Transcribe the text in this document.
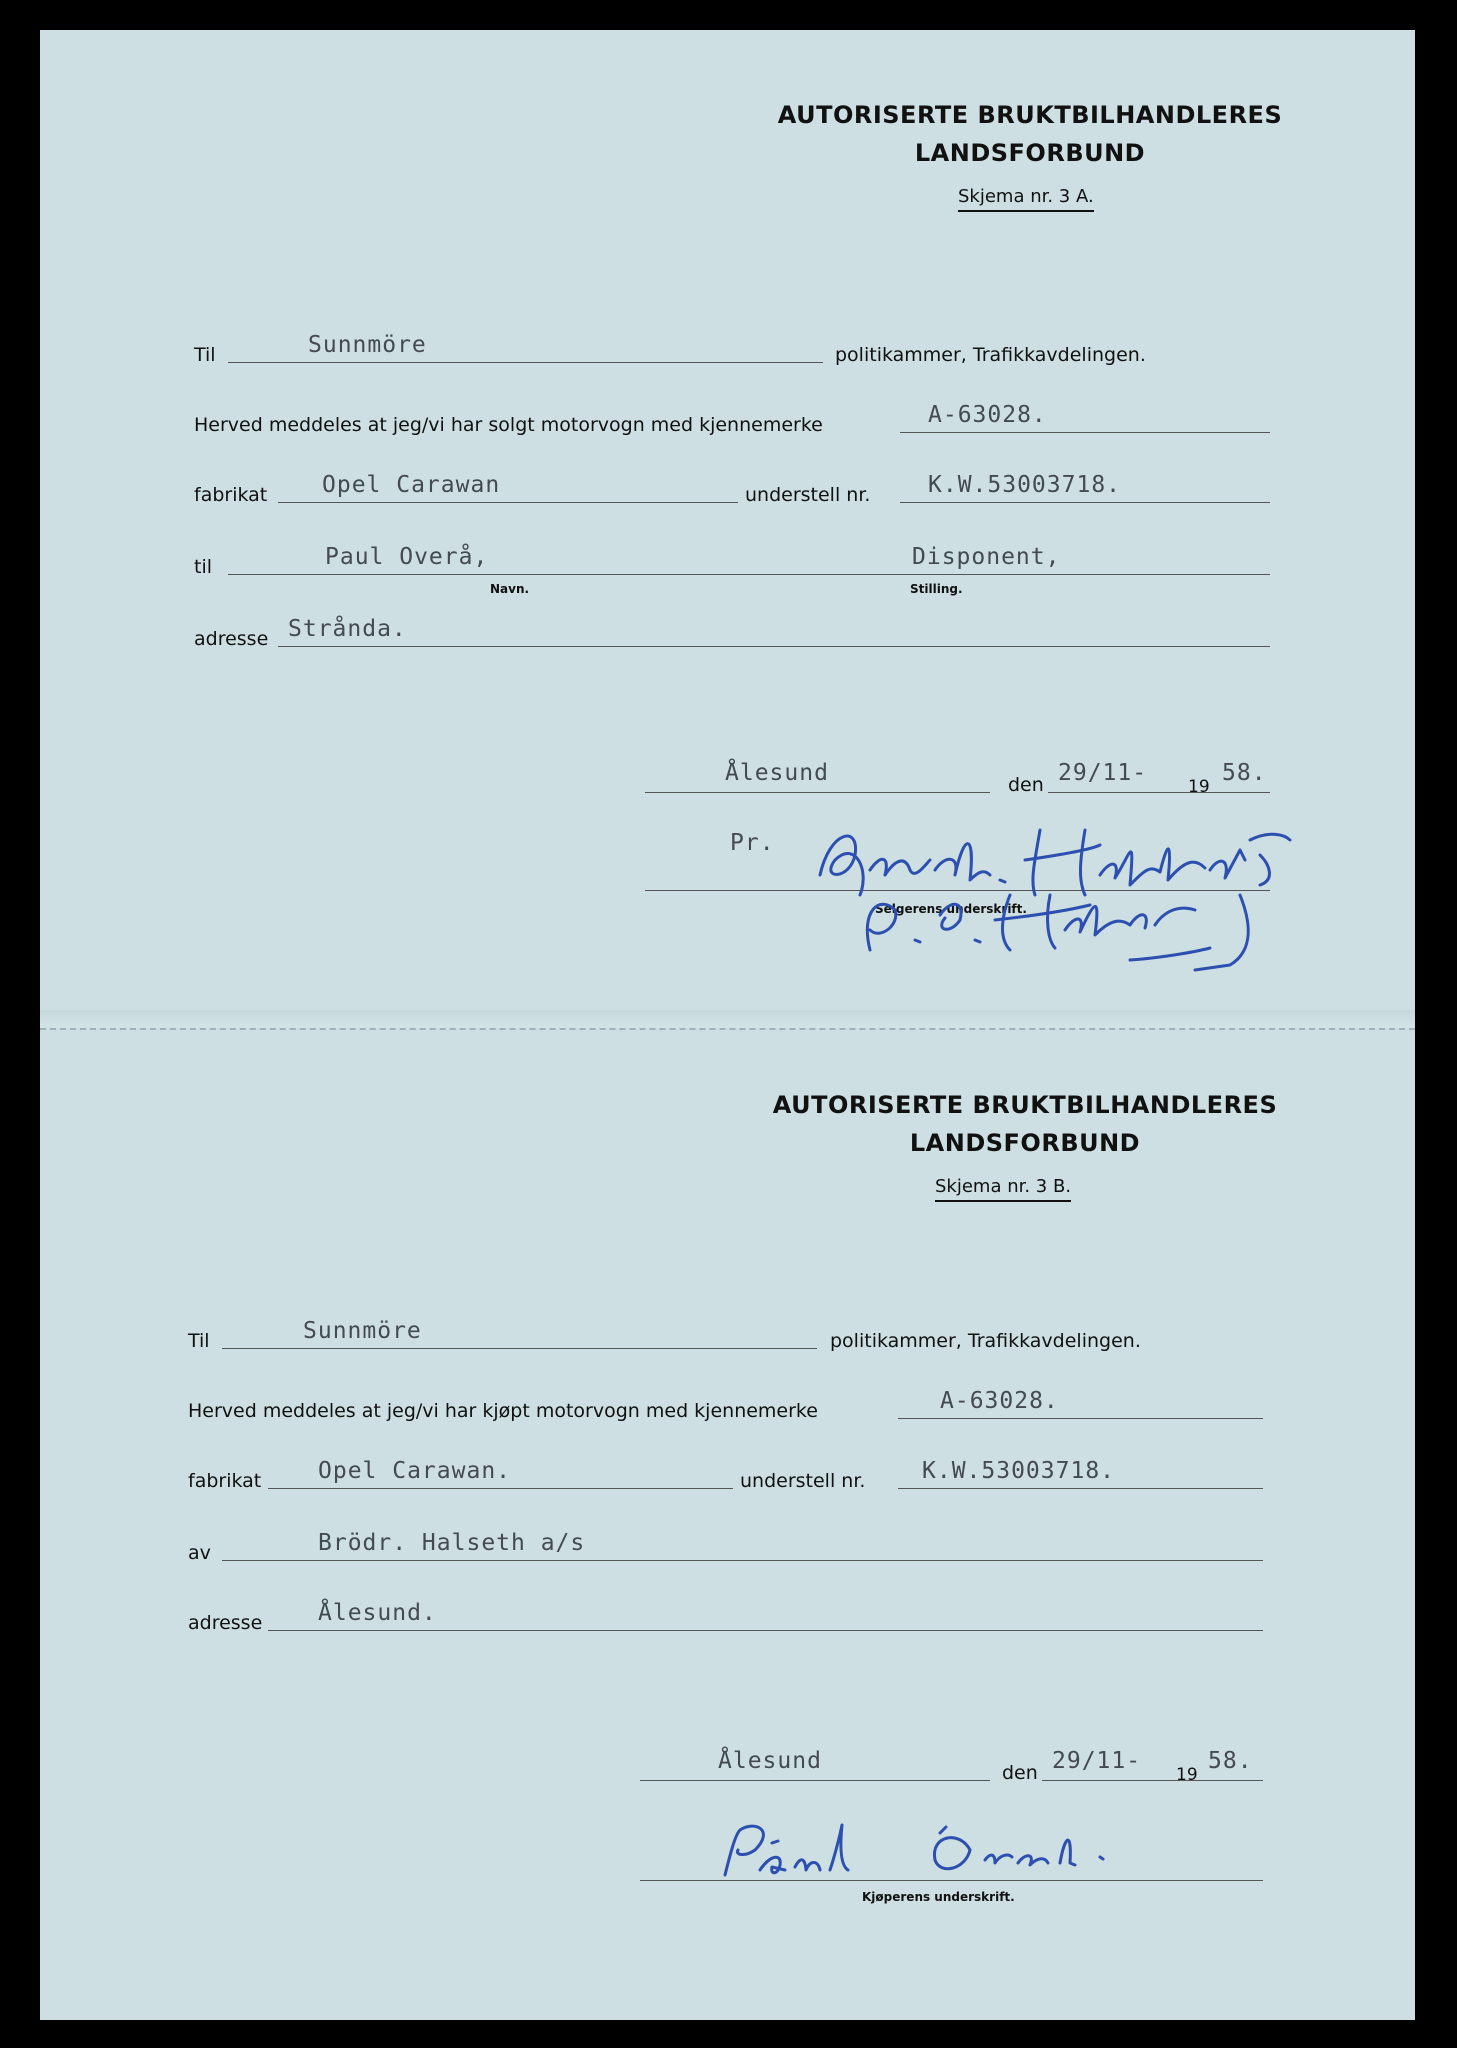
AUTORISERTE BRUKTBILHANDLERES
LANDSFORBUND
Skjema nr. 3 A.
Til	Sunnmöre	politikammer, Trafikkavdelingen.
Herved meddeles at jeg/vi har solgt motorvogn med kjennemerke	A-63028.
fabrikat Opel Carawan	understell nr.	K.W.53003718.
til	Paul Overå,	Disponent,
Navn.	Stilling.
adresse Strånda.
Ålesund	den 29/11-
19
58.
Pr.
Selgerens underskrift.
AUTORISERTE BRUKTBILHANDLERES
LANDSFORBUND
Skjema nr. 3 B.
Til	Sunnmöre	politikammer, Trafikkavdelingen.
Herved meddeles at jeg/vi har kjøpt motorvogn med kjennemerke	A-63028.
fabrikat Opel Carawan.	understell nr. K.W.53003718.
av	Brödr. Halseth a/s
adresse Ålesund.
Ålesund	den 29/11-
19
58.
Kjøperens underskrift.
